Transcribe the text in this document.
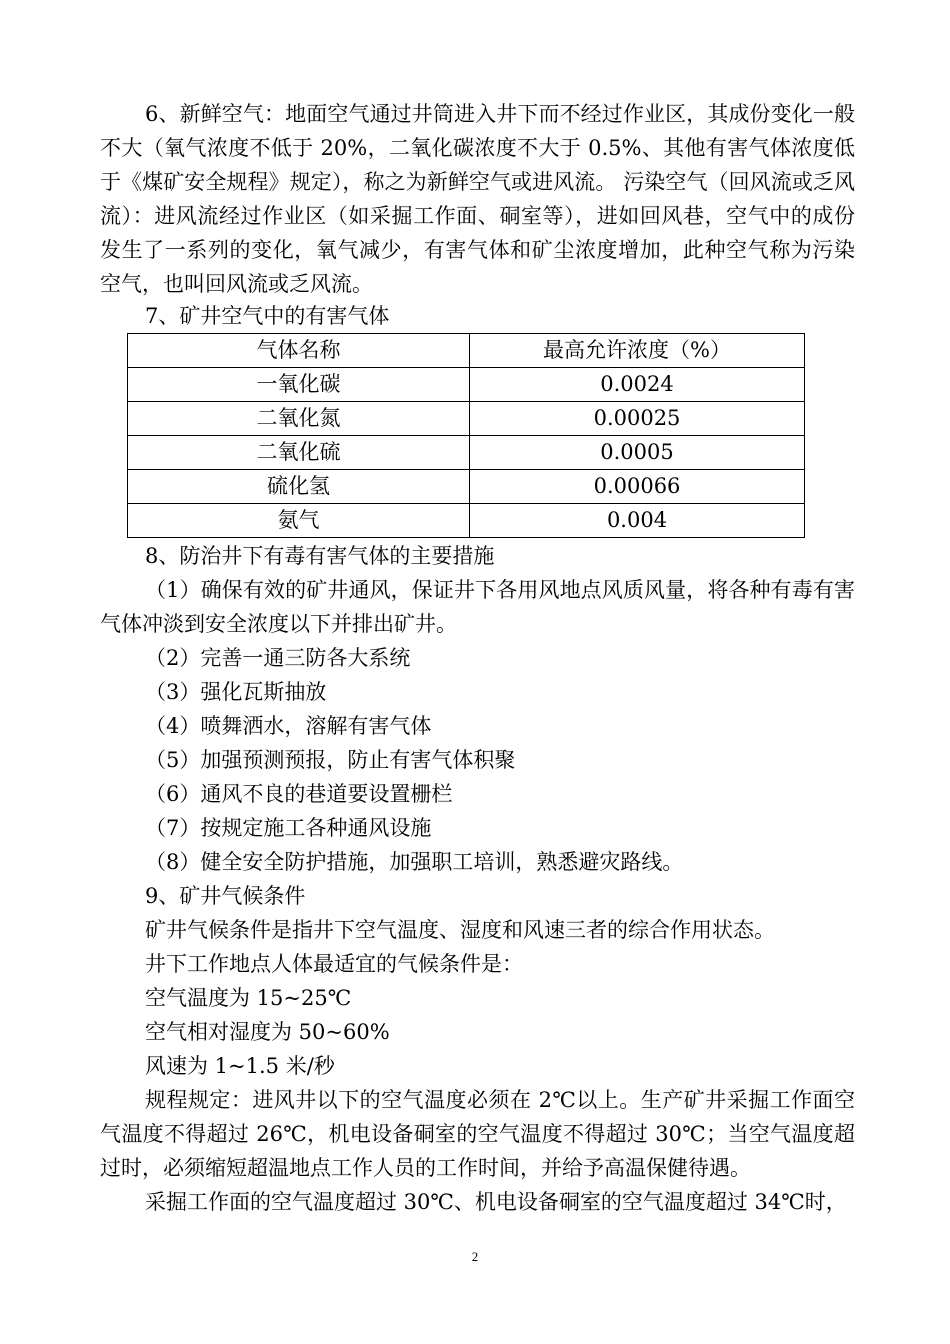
6、新鲜空气：地面空气通过井筒进入井下而不经过作业区，其成份变化一般不大（氧气浓度不低于 20%，二氧化碳浓度不大于 0.5%、其他有害气体浓度低于《煤矿安全规程》规定），称之为新鲜空气或进风流。 污染空气（回风流或乏风流）：进风流经过作业区（如采掘工作面、硐室等），进如回风巷，空气中的成份发生了一系列的变化，氧气减少，有害气体和矿尘浓度增加，此种空气称为污染空气，也叫回风流或乏风流。

7、矿井空气中的有害气体

气体名称	最高允许浓度（%）
一氧化碳	0.0024
二氧化氮	0.00025
二氧化硫	0.0005
硫化氢	0.00066
氨气	0.004

8、防治井下有毒有害气体的主要措施

（1）确保有效的矿井通风，保证井下各用风地点风质风量，将各种有毒有害气体冲淡到安全浓度以下并排出矿井。

（2）完善一通三防各大系统

（3）强化瓦斯抽放

（4）喷舞洒水，溶解有害气体

（5）加强预测预报，防止有害气体积聚

（6）通风不良的巷道要设置栅栏

（7）按规定施工各种通风设施

（8）健全安全防护措施，加强职工培训，熟悉避灾路线。

9、矿井气候条件

矿井气候条件是指井下空气温度、湿度和风速三者的综合作用状态。

井下工作地点人体最适宜的气候条件是：

空气温度为 15~25℃

空气相对湿度为 50~60%

风速为 1~1.5 米/秒

规程规定：进风井以下的空气温度必须在 2℃以上。生产矿井采掘工作面空气温度不得超过 26℃，机电设备硐室的空气温度不得超过 30℃；当空气温度超过时，必须缩短超温地点工作人员的工作时间，并给予高温保健待遇。

采掘工作面的空气温度超过 30℃、机电设备硐室的空气温度超过 34℃时，

2
